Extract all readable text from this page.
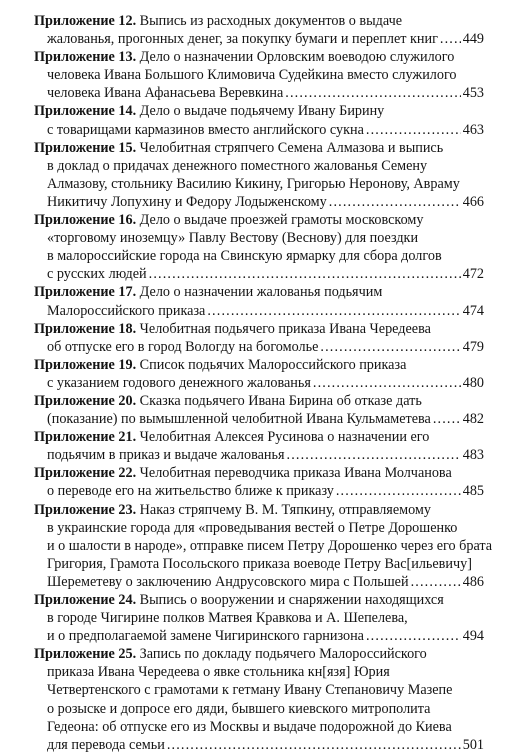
Приложение 12.
Выпись из расходных документов о выдаче
жалованья, прогонных денег, за покупку бумаги и переплет книг . . . 449
Приложение 13.
Дело о назначении Орловским воеводою служилого
человека Ивана Большого Климовича Судейкина вместо служилого
человека Ивана Афанасьева Веревкина . . .	453
Приложение 14.
Дело о выдаче подьячему Ивану Бирину
с товарищами кармазинов вместо английского сукна . . .	463
Приложение 15.
Челобитная стряпчего Семена Алмазова и выпись
в доклад о придачах денежного поместного жалованья Семену
Алмазову, стольнику Василию Кикину, Григорью Неронову, Авраму
Никитичу Лопухину и Федору Лодыженскому . . .	466
Приложение 16.
Дело о выдаче проезжей грамоты московскому
«торговому иноземцу» Павлу Вестову (Веснову) для поездки
в малороссийские города на Свинскую ярмарку для сбора долгов
с русских людей . . .	472
Приложение 17.
Дело о назначении жалованья подьячим
Малороссийского приказа . . .	474
Приложение 18.
Челобитная подьячего приказа Ивана Чередеева
об отпуске его в город Вологду на богомолье . . .	479
Приложение 19.
Список подьячих Малороссийского приказа
с указанием годового денежного жалованья . . .	480
Приложение 20.
Сказка подьячего Ивана Бирина об отказе дать
(показание) по вымышленной челобитной Ивана Кульмаметева . . . 482
Приложение 21.
Челобитная Алексея Русинова о назначении его
подьячим в приказ и выдаче жалованья . . .	483
Приложение 22.
Челобитная переводчика приказа Ивана Молчанова
о переводе его на житьельство ближе к приказу . . .	485
Приложение 23.
Наказ стряпчему В. М. Тяпкину, отправляемому
в украинские города для «проведывания вестей о Петре Дорошенко
и о шалости в народе», отправке писем Петру Дорошенко через его брата
Григория, Грамота Посольского приказа воеводе Петру Вас[ильевичу]
Шереметеву о заключению Андрусовского мира с Польшей . . .	486
Приложение 24.
Выпись о вооружении и снаряжении находящихся
в городе Чигирине полков Матвея Кравкова и А. Шепелева,
и о предполагаемой замене Чигиринского гарнизона . . .	494
Приложение 25.
Запись по докладу подьячего Малороссийского
приказа Ивана Чередеева о явке стольника кн[язя] Юрия
Четвертенского с грамотами к гетману Ивану Степановичу Мазепе
о розыске и допросе его дяди, бывшего киевского митрополита
Гедеона: об отпуске его из Москвы и выдаче подорожной до Киева
для перевода семьи . . .	501
